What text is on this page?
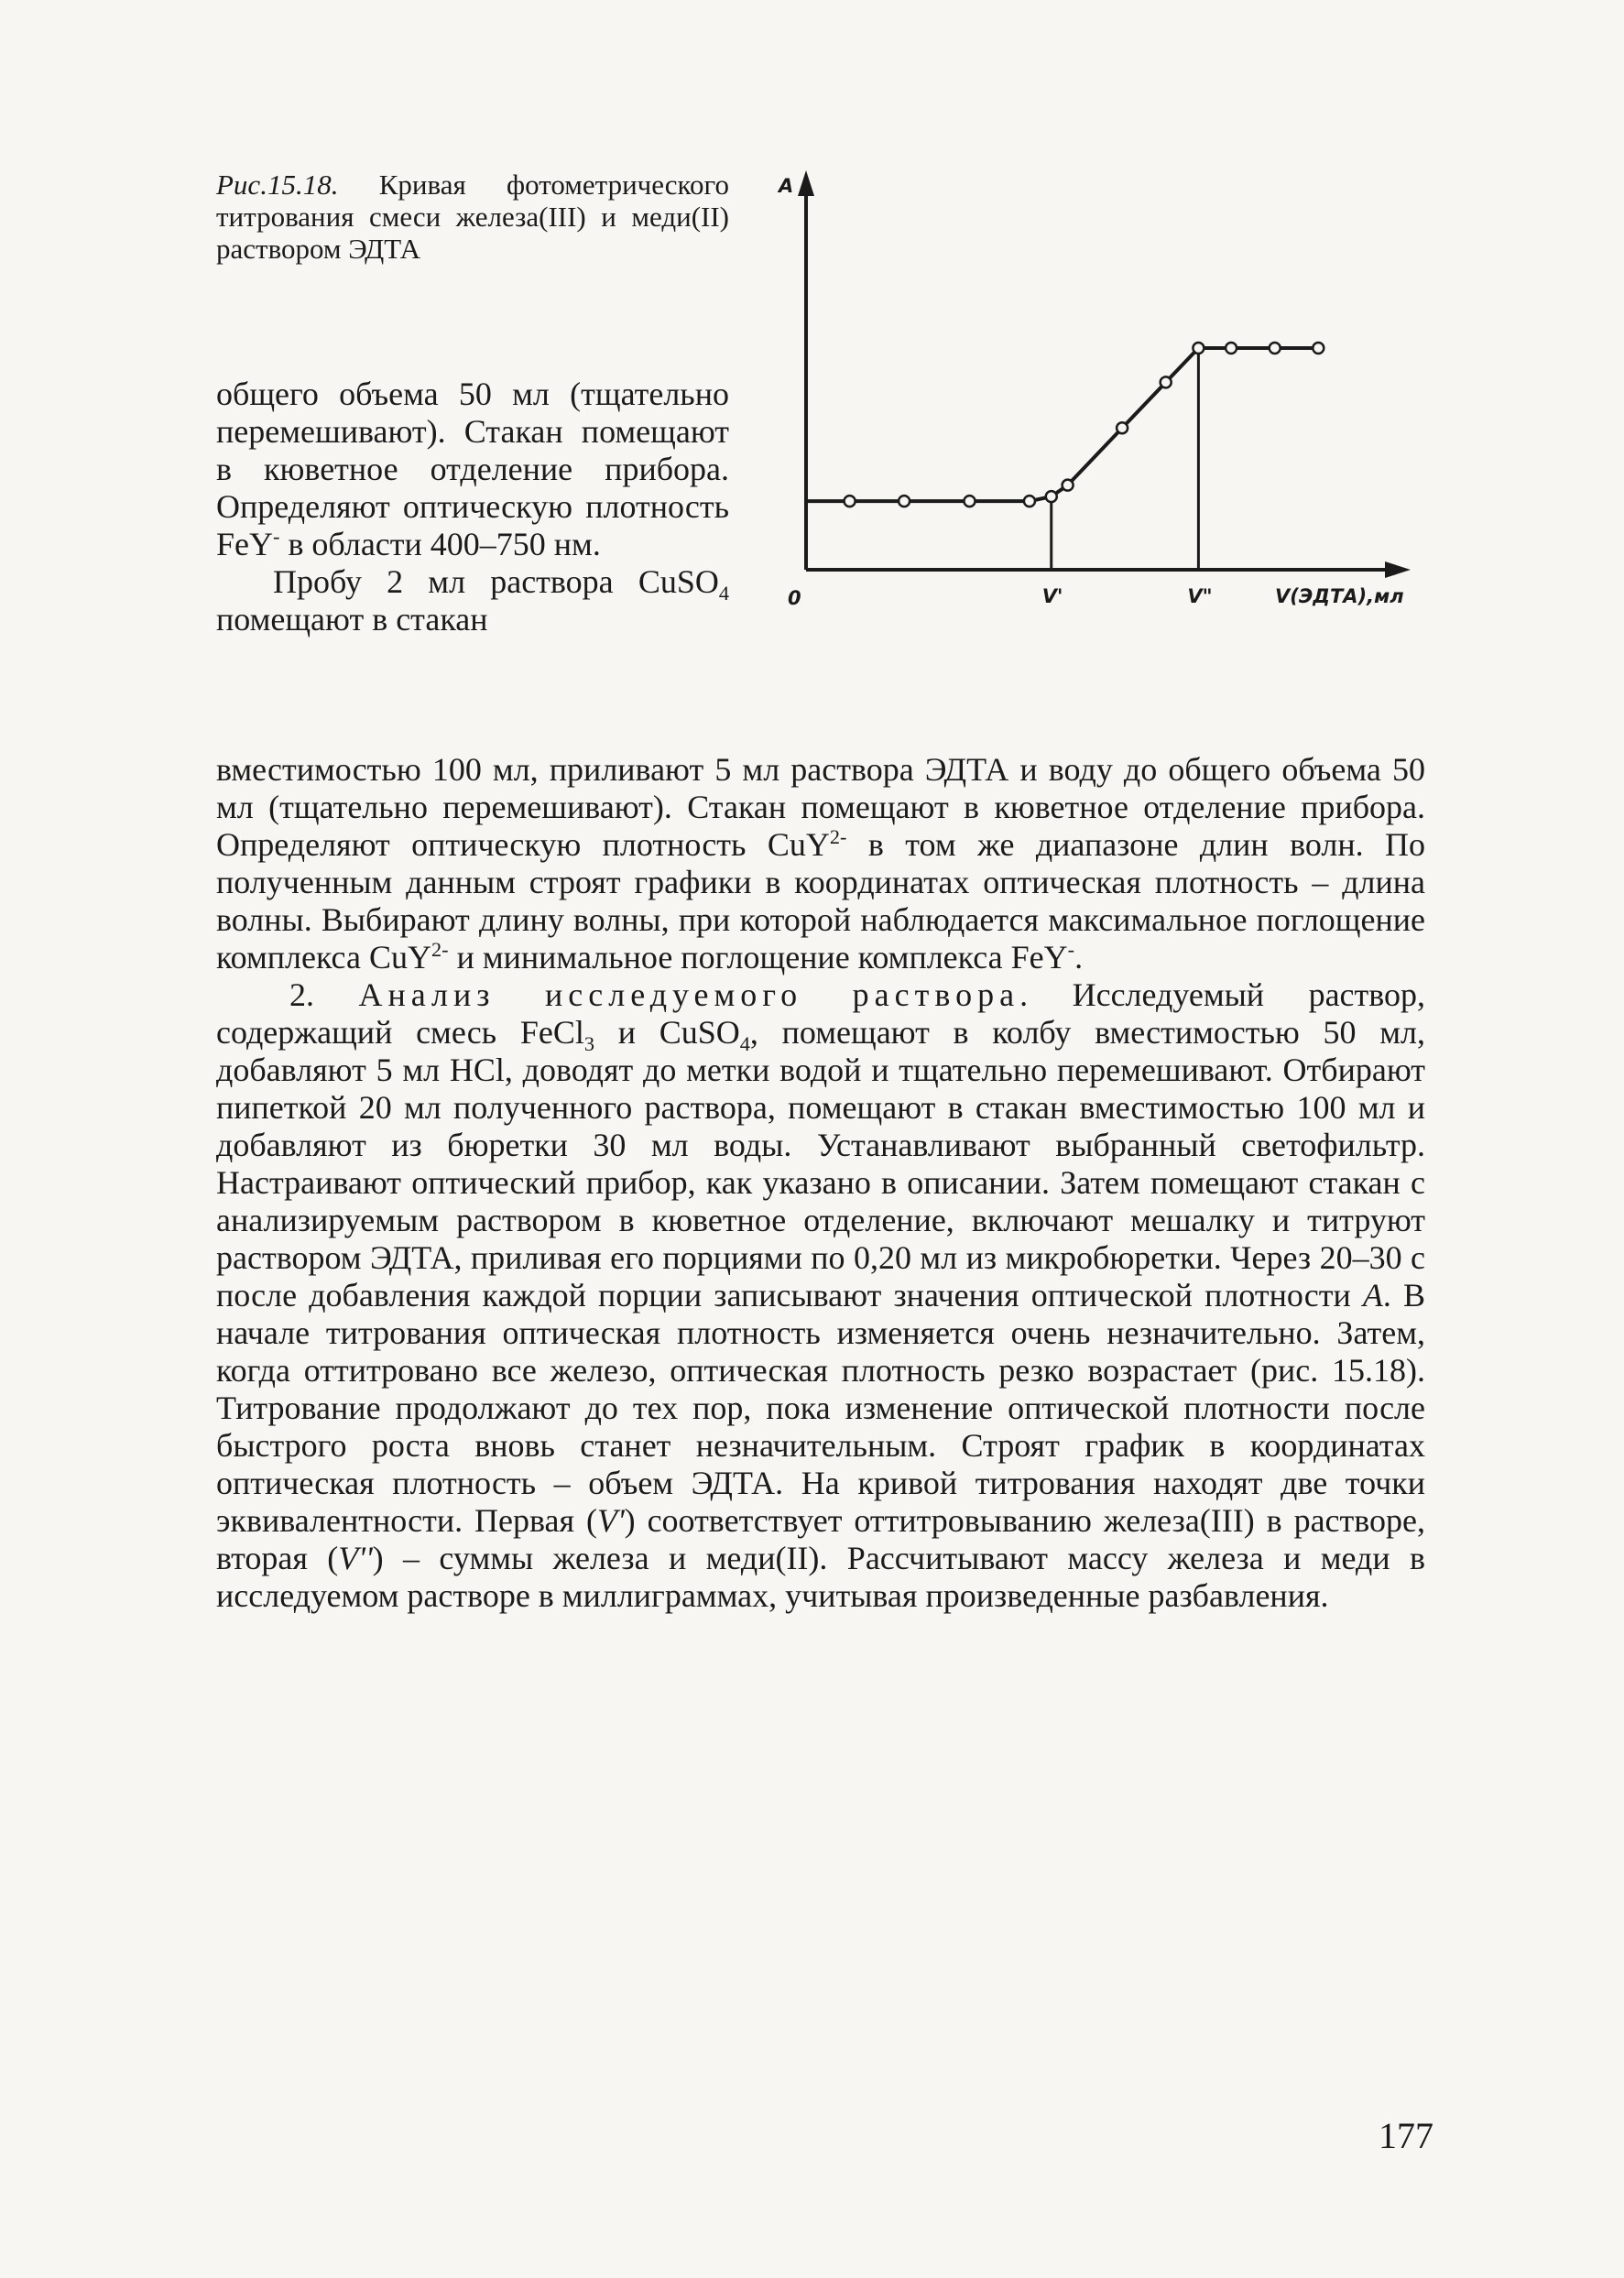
Рис.15.18. Кривая фотометрического титрования смеси железа(III) и меди(II) раствором ЭДТА
A
0	V'	V"	V(ЭДТА),мл

общего объема 50 мл (тщательно перемешивают). Стакан помещают в кюветное отделение прибора. Определяют оптическую плотность FeY- в области 400–750 нм.

Пробу 2 мл раствора CuSO$_4$ помещают в стакан

вместимостью 100 мл, приливают 5 мл раствора ЭДТА и воду до общего объема 50 мл (тщательно перемешивают). Стакан помещают в кюветное отделение прибора. Определяют оптическую плотность CuY$^{2-}$ в том же диапазоне длин волн. По полученным данным строят графики в координатах оптическая плотность – длина волны. Выбирают длину волны, при которой наблюдается максимальное поглощение комплекса CuY$^{2-}$ и минимальное поглощение комплекса FeY-.

2. Анализ исследуемого раствора. Исследуемый раствор, содержащий смесь FeCl$_3$ и CuSO$_4$, помещают в колбу вместимостью 50 мл, добавляют 5 мл HCl, доводят до метки водой и тщательно перемешивают. Отбирают пипеткой 20 мл полученного раствора, помещают в стакан вместимостью 100 мл и добавляют из бюретки 30 мл воды. Устанавливают выбранный светофильтр. Настраивают оптический прибор, как указано в описании. Затем помещают стакан с анализируемым раствором в кюветное отделение, включают мешалку и титруют раствором ЭДТА, приливая его порциями по 0,20 мл из микробюретки. Через 20–30 с после добавления каждой порции записывают значения оптической плотности А. В начале титрования оптическая плотность изменяется очень незначительно. Затем, когда оттитровано все железо, оптическая плотность резко возрастает (рис. 15.18). Титрование продолжают до тех пор, пока изменение оптической плотности после быстрого роста вновь станет незначительным. Строят график в координатах оптическая плотность – объем ЭДТА. На кривой титрования находят две точки эквивалентности. Первая (V') соответствует оттитровыванию железа(III) в растворе, вторая (V'') – суммы железа и меди(II). Рассчитывают массу железа и меди в исследуемом растворе в миллиграммах, учитывая произведенные разбавления.

177
